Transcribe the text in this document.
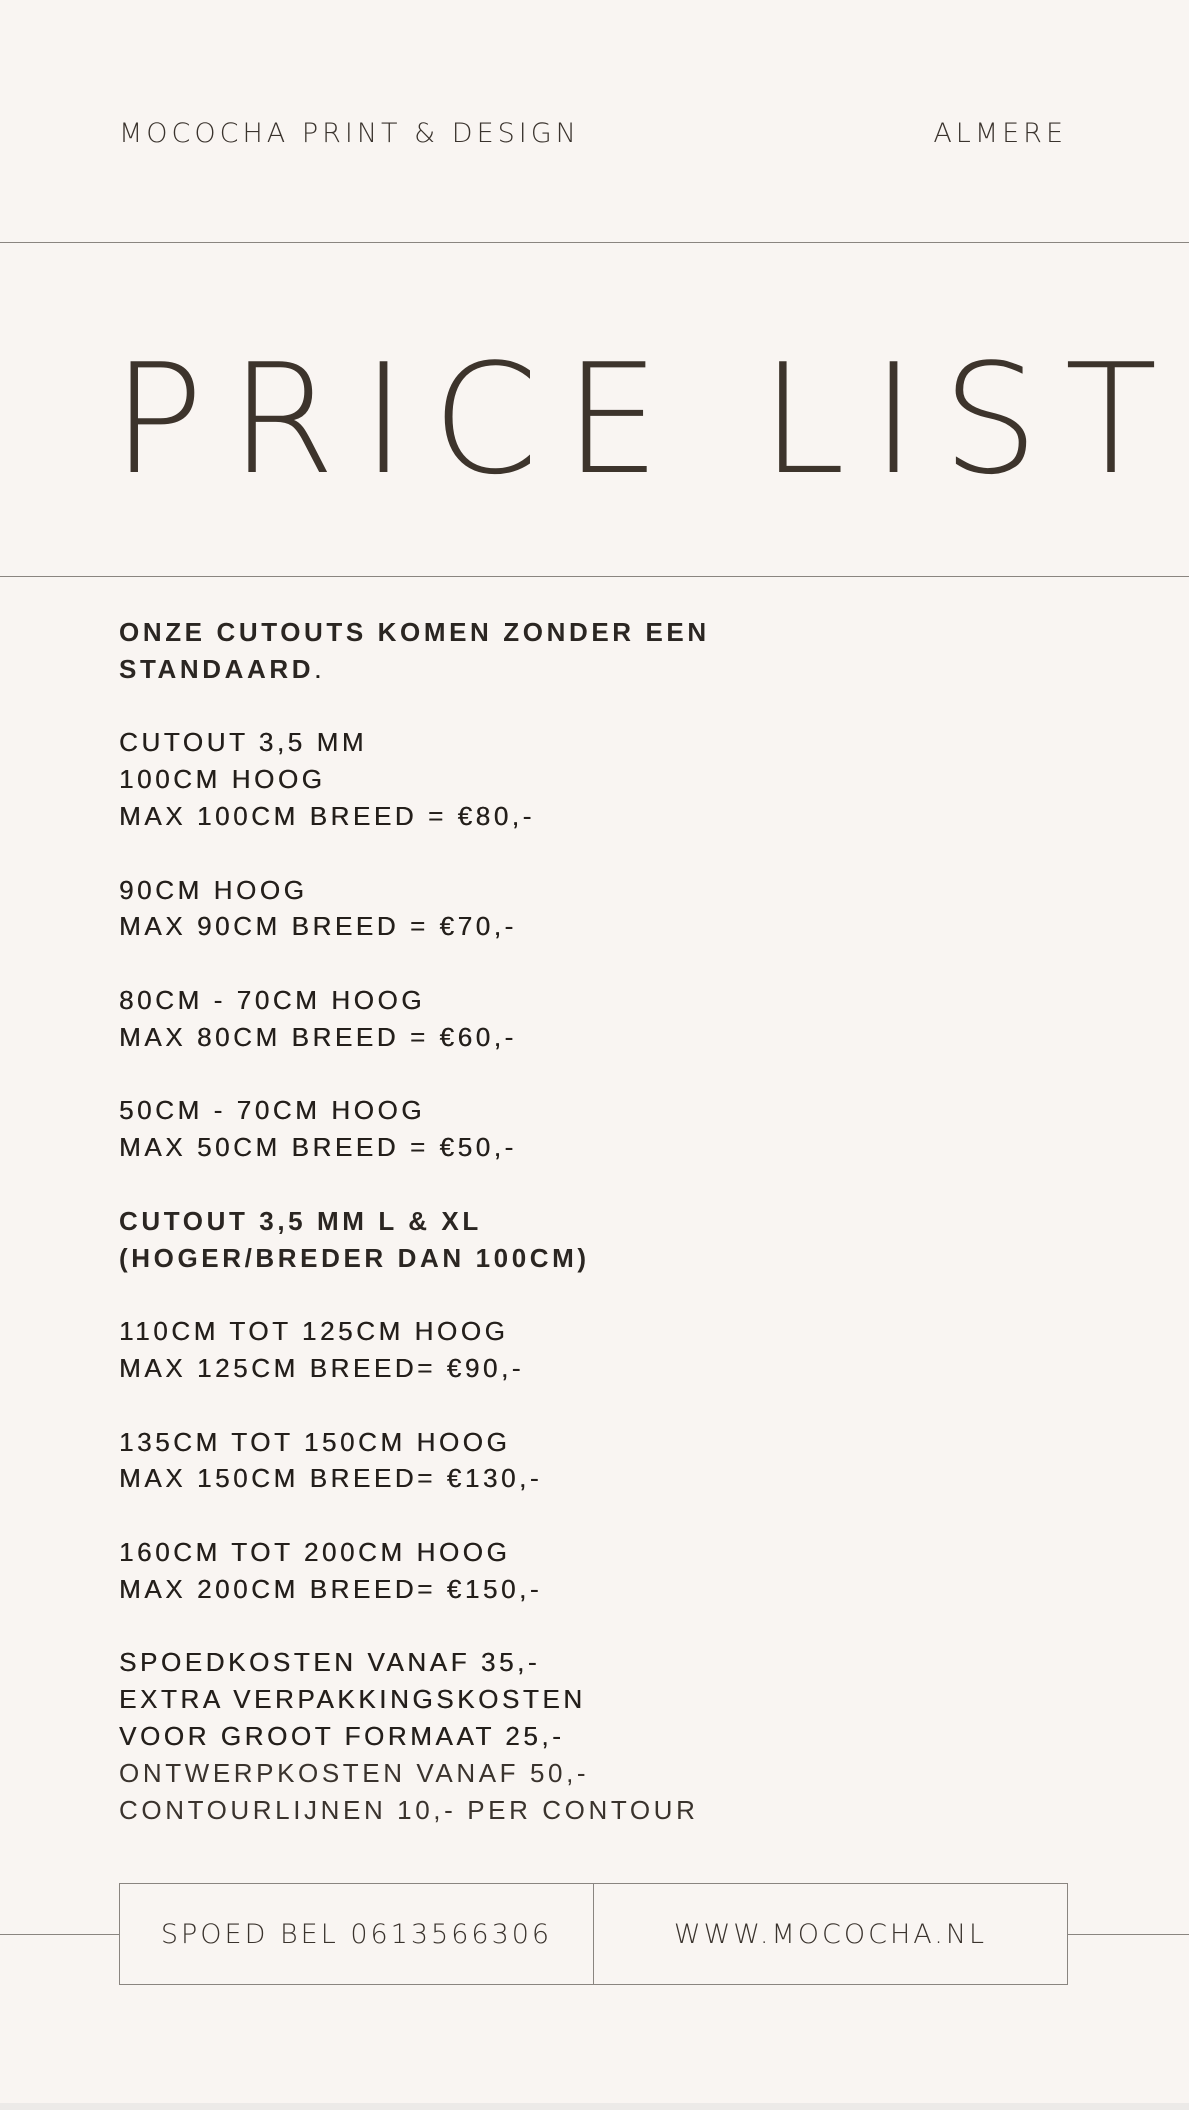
MOCOCHA PRINT & DESIGN	ALMERE
PRICE LIST
ONZE CUTOUTS KOMEN ZONDER EEN
STANDAARD.
CUTOUT 3,5 MM
100CM HOOG
MAX 100CM BREED = €80,-
90CM HOOG
MAX 90CM BREED = €70,-
80CM - 70CM HOOG
MAX 80CM BREED = €60,-
50CM - 70CM HOOG
MAX 50CM BREED = €50,-
CUTOUT 3,5 MM L & XL
(HOGER/BREDER DAN 100CM)
110CM TOT 125CM HOOG
MAX 125CM BREED= €90,-
135CM TOT 150CM HOOG
MAX 150CM BREED= €130,-
160CM TOT 200CM HOOG
MAX 200CM BREED= €150,-
SPOEDKOSTEN VANAF 35,-
EXTRA VERPAKKINGSKOSTEN
VOOR GROOT FORMAAT 25,-
ONTWERPKOSTEN VANAF 50,-
CONTOURLIJNEN 10,- PER CONTOUR
SPOED BEL 0613566306	WWW.MOCOCHA.NL
